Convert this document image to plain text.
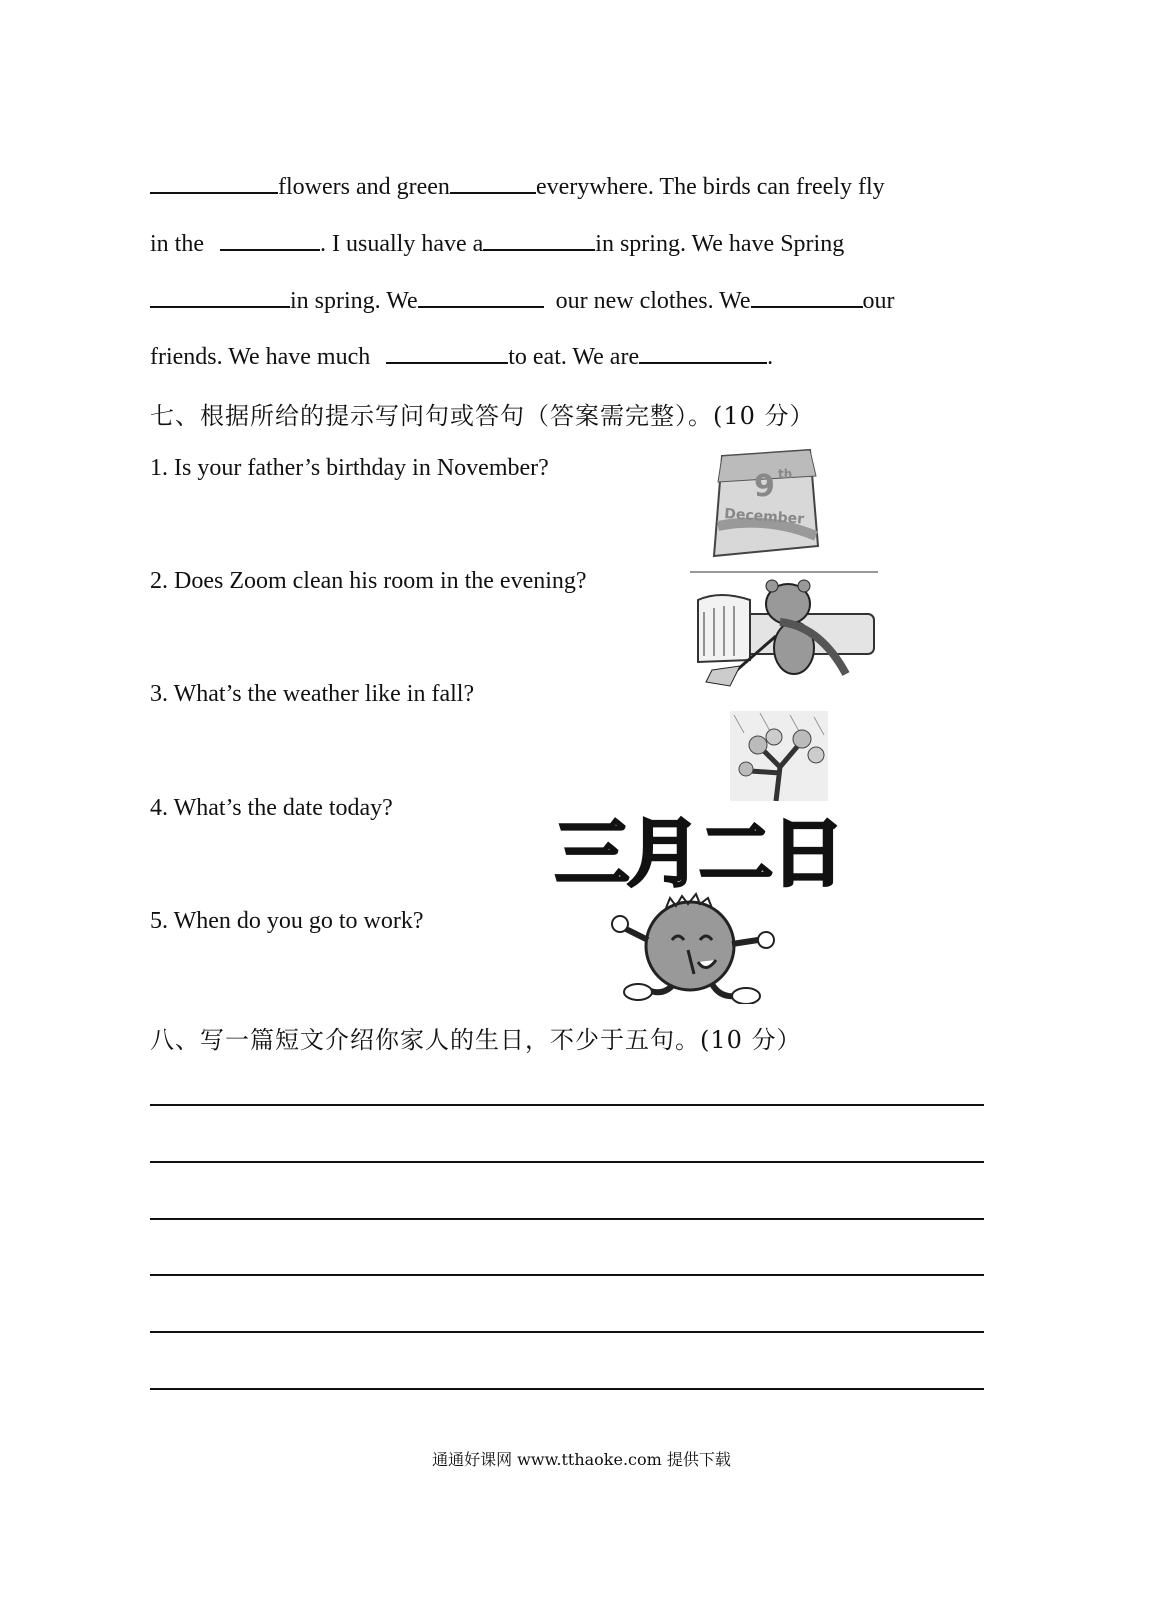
flowers and green	everywhere. The birds can freely fly
in the	. I usually have a	in spring. We have Spring
in spring. We	our new clothes. We	our
friends. We have much	to eat. We are	.
七、根据所给的提示写问句或答句（答案需完整）。(10 分）
1. Is your father’s birthday in November?
2. Does Zoom clean his room in the evening?
3. What’s the weather like in fall?
4. What’s the date today?
5. When do you go to work?
9 th
December
三月二日
八、写一篇短文介绍你家人的生日，不少于五句。(10 分）
通通好课网 www.tthaoke.com 提供下载
